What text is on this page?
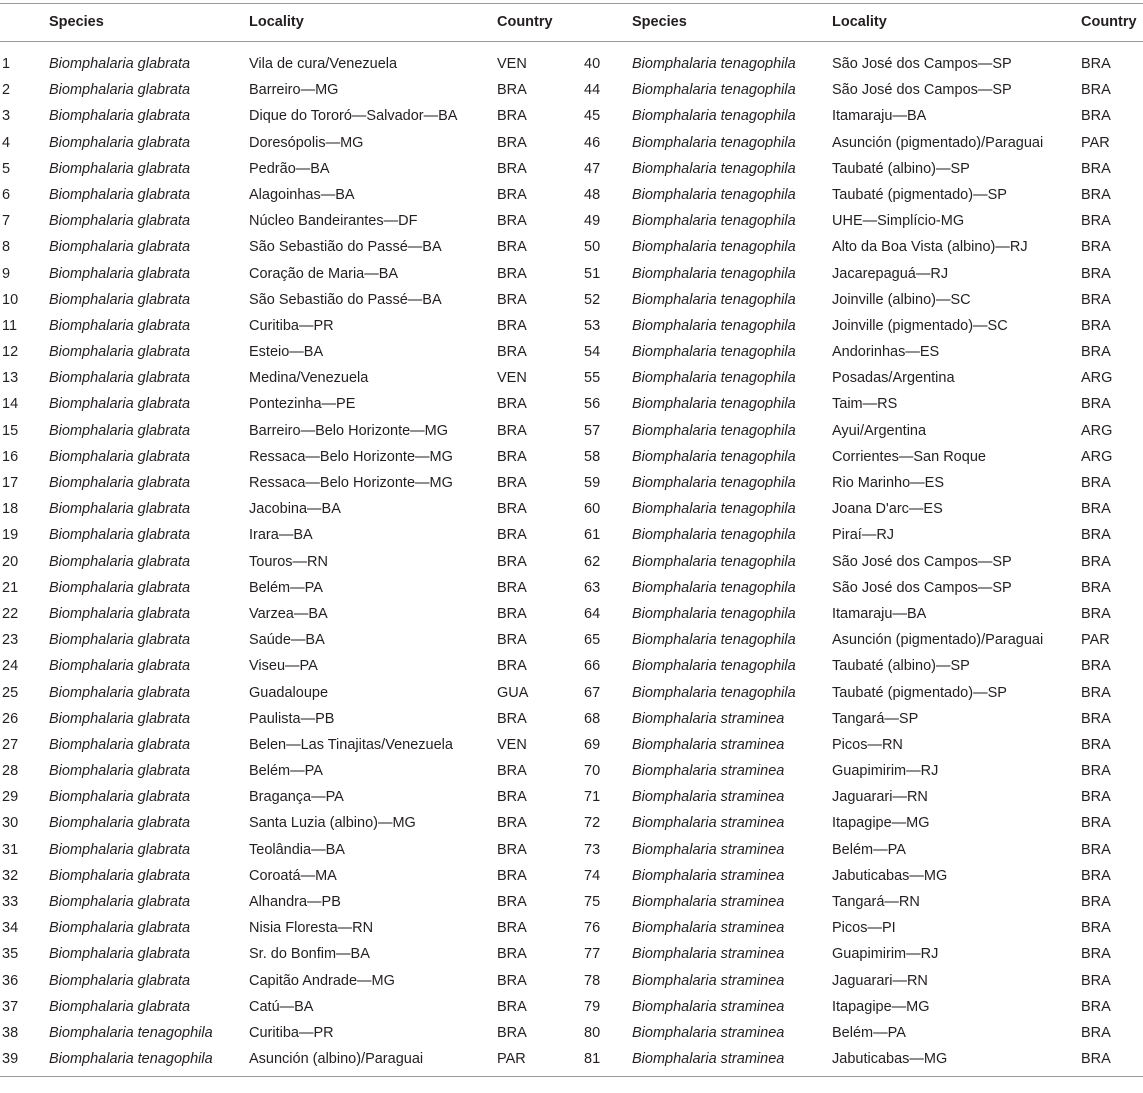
Species	Locality	Country	Species	Locality	Country
1	Biomphalaria glabrata	Vila de cura/Venezuela	VEN	40 Biomphalaria tenagophila	São José dos Campos—SP	BRA
2	Biomphalaria glabrata	Barreiro—MG	BRA	44 Biomphalaria tenagophila	São José dos Campos—SP	BRA
3	Biomphalaria glabrata	Dique do Tororó—Salvador—BA	BRA	45 Biomphalaria tenagophila	Itamaraju—BA	BRA
4	Biomphalaria glabrata	Doresópolis—MG	BRA	46 Biomphalaria tenagophila	Asunción (pigmentado)/Paraguai	PAR
5	Biomphalaria glabrata	Pedrão—BA	BRA	47 Biomphalaria tenagophila	Taubaté (albino)—SP	BRA
6	Biomphalaria glabrata	Alagoinhas—BA	BRA	48 Biomphalaria tenagophila	Taubaté (pigmentado)—SP	BRA
7	Biomphalaria glabrata	Núcleo Bandeirantes—DF	BRA	49 Biomphalaria tenagophila	UHE—Simplício-MG	BRA
8	Biomphalaria glabrata	São Sebastião do Passé—BA	BRA	50 Biomphalaria tenagophila	Alto da Boa Vista (albino)—RJ	BRA
9	Biomphalaria glabrata	Coração de Maria—BA	BRA	51 Biomphalaria tenagophila	Jacarepaguá—RJ	BRA
10 Biomphalaria glabrata	São Sebastião do Passé—BA	BRA	52 Biomphalaria tenagophila	Joinville (albino)—SC	BRA
11 Biomphalaria glabrata	Curitiba—PR	BRA	53 Biomphalaria tenagophila	Joinville (pigmentado)—SC	BRA
12 Biomphalaria glabrata	Esteio—BA	BRA	54 Biomphalaria tenagophila	Andorinhas—ES	BRA
13 Biomphalaria glabrata	Medina/Venezuela	VEN	55 Biomphalaria tenagophila	Posadas/Argentina	ARG
14 Biomphalaria glabrata	Pontezinha—PE	BRA	56 Biomphalaria tenagophila	Taim—RS	BRA
15 Biomphalaria glabrata	Barreiro—Belo Horizonte—MG	BRA	57 Biomphalaria tenagophila	Ayui/Argentina	ARG
16 Biomphalaria glabrata	Ressaca—Belo Horizonte—MG	BRA	58 Biomphalaria tenagophila	Corrientes—San Roque	ARG
17 Biomphalaria glabrata	Ressaca—Belo Horizonte—MG	BRA	59 Biomphalaria tenagophila	Rio Marinho—ES	BRA
18 Biomphalaria glabrata	Jacobina—BA	BRA	60 Biomphalaria tenagophila	Joana D'arc—ES	BRA
19 Biomphalaria glabrata	Irara—BA	BRA	61 Biomphalaria tenagophila	Piraí—RJ	BRA
20 Biomphalaria glabrata	Touros—RN	BRA	62 Biomphalaria tenagophila	São José dos Campos—SP	BRA
21 Biomphalaria glabrata	Belém—PA	BRA	63 Biomphalaria tenagophila	São José dos Campos—SP	BRA
22 Biomphalaria glabrata	Varzea—BA	BRA	64 Biomphalaria tenagophila	Itamaraju—BA	BRA
23 Biomphalaria glabrata	Saúde—BA	BRA	65 Biomphalaria tenagophila	Asunción (pigmentado)/Paraguai	PAR
24 Biomphalaria glabrata	Viseu—PA	BRA	66 Biomphalaria tenagophila	Taubaté (albino)—SP	BRA
25 Biomphalaria glabrata	Guadaloupe	GUA	67 Biomphalaria tenagophila	Taubaté (pigmentado)—SP	BRA
26 Biomphalaria glabrata	Paulista—PB	BRA	68 Biomphalaria straminea	Tangará—SP	BRA
27 Biomphalaria glabrata	Belen—Las Tinajitas/Venezuela	VEN	69 Biomphalaria straminea	Picos—RN	BRA
28 Biomphalaria glabrata	Belém—PA	BRA	70 Biomphalaria straminea	Guapimirim—RJ	BRA
29 Biomphalaria glabrata	Bragança—PA	BRA	71 Biomphalaria straminea	Jaguarari—RN	BRA
30 Biomphalaria glabrata	Santa Luzia (albino)—MG	BRA	72 Biomphalaria straminea	Itapagipe—MG	BRA
31 Biomphalaria glabrata	Teolândia—BA	BRA	73 Biomphalaria straminea	Belém—PA	BRA
32 Biomphalaria glabrata	Coroatá—MA	BRA	74 Biomphalaria straminea	Jabuticabas—MG	BRA
33 Biomphalaria glabrata	Alhandra—PB	BRA	75 Biomphalaria straminea	Tangará—RN	BRA
34 Biomphalaria glabrata	Nisia Floresta—RN	BRA	76 Biomphalaria straminea	Picos—PI	BRA
35 Biomphalaria glabrata	Sr. do Bonfim—BA	BRA	77 Biomphalaria straminea	Guapimirim—RJ	BRA
36 Biomphalaria glabrata	Capitão Andrade—MG	BRA	78 Biomphalaria straminea	Jaguarari—RN	BRA
37 Biomphalaria glabrata	Catú—BA	BRA	79 Biomphalaria straminea	Itapagipe—MG	BRA
38 Biomphalaria tenagophila	Curitiba—PR	BRA	80 Biomphalaria straminea	Belém—PA	BRA
39 Biomphalaria tenagophila	Asunción (albino)/Paraguai	PAR	81 Biomphalaria straminea	Jabuticabas—MG	BRA
